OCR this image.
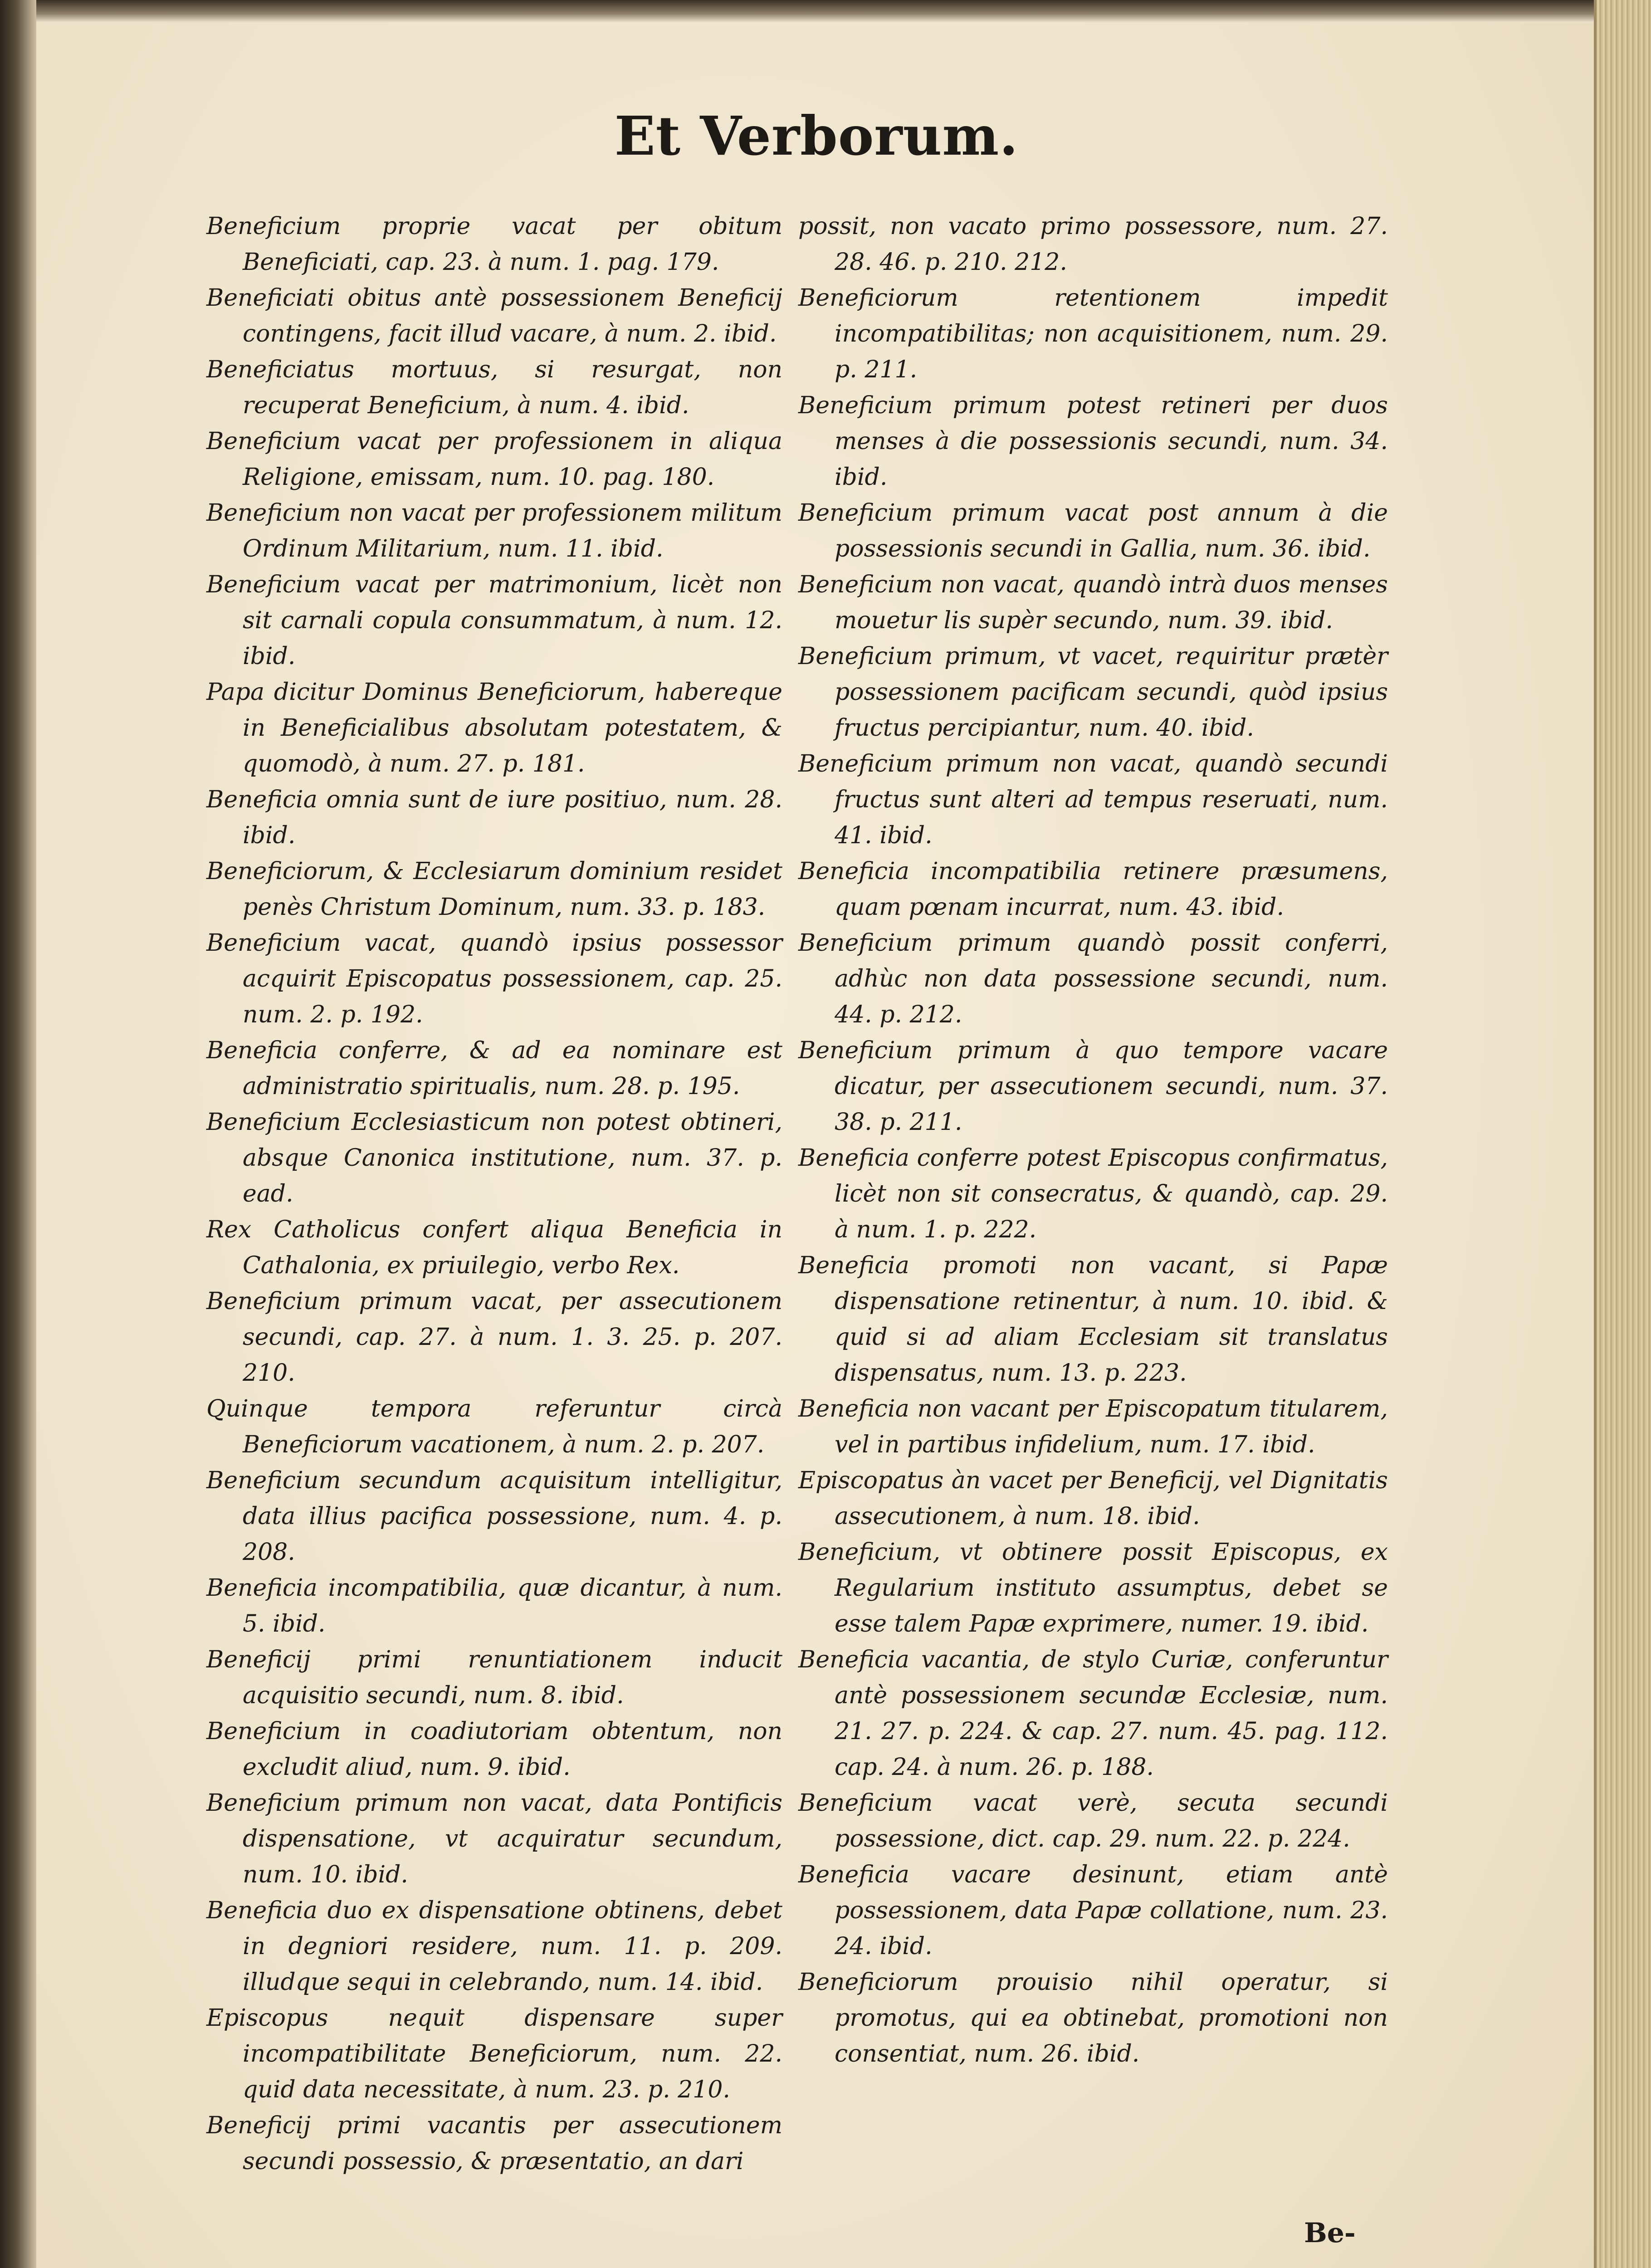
Et Verborum.

Beneficium proprie vacat per obitum Beneficiati, cap. 23. à num. 1. pag. 179.

Beneficiati obitus antè possessionem Beneficij contingens, facit illud vacare, à num. 2. ibid.

Beneficiatus mortuus, si resurgat, non recuperat Beneficium, à num. 4. ibid.

Beneficium vacat per professionem in aliqua Religione, emissam, num. 10. pag. 180.

Beneficium non vacat per professionem militum Ordinum Militarium, num. 11. ibid.

Beneficium vacat per matrimonium, licèt non sit carnali copula consummatum, à num. 12. ibid.

Papa dicitur Dominus Beneficiorum, habereque in Beneficialibus absolutam potestatem, & quomodò, à num. 27. p. 181.

Beneficia omnia sunt de iure positiuo, num. 28. ibid.

Beneficiorum, & Ecclesiarum dominium residet penès Christum Dominum, num. 33. p. 183.

Beneficium vacat, quandò ipsius possessor acquirit Episcopatus possessionem, cap. 25. num. 2. p. 192.

Beneficia conferre, & ad ea nominare est administratio spiritualis, num. 28. p. 195.

Beneficium Ecclesiasticum non potest obtineri, absque Canonica institutione, num. 37. p. ead.

Rex Catholicus confert aliqua Beneficia in Cathalonia, ex priuilegio, verbo Rex.

Beneficium primum vacat, per assecutionem secundi, cap. 27. à num. 1. 3. 25. p. 207. 210.

Quinque tempora referuntur circà Beneficiorum vacationem, à num. 2. p. 207.

Beneficium secundum acquisitum intelligitur, data illius pacifica possessione, num. 4. p. 208.

Beneficia incompatibilia, quæ dicantur, à num. 5. ibid.

Beneficij primi renuntiationem inducit acquisitio secundi, num. 8. ibid.

Beneficium in coadiutoriam obtentum, non excludit aliud, num. 9. ibid.

Beneficium primum non vacat, data Pontificis dispensatione, vt acquiratur secundum, num. 10. ibid.

Beneficia duo ex dispensatione obtinens, debet in degniori residere, num. 11. p. 209. illudque sequi in celebrando, num. 14. ibid.

Episcopus nequit dispensare super incompatibilitate Beneficiorum, num. 22. quid data necessitate, à num. 23. p. 210.

Beneficij primi vacantis per assecutionem secundi possessio, & præsentatio, an dari

possit, non vacato primo possessore, num. 27. 28. 46. p. 210. 212.

Beneficiorum retentionem impedit incompatibilitas; non acquisitionem, num. 29. p. 211.

Beneficium primum potest retineri per duos menses à die possessionis secundi, num. 34. ibid.

Beneficium primum vacat post annum à die possessionis secundi in Gallia, num. 36. ibid.

Beneficium non vacat, quandò intrà duos menses mouetur lis supèr secundo, num. 39. ibid.

Beneficium primum, vt vacet, requiritur prætèr possessionem pacificam secundi, quòd ipsius fructus percipiantur, num. 40. ibid.

Beneficium primum non vacat, quandò secundi fructus sunt alteri ad tempus reseruati, num. 41. ibid.

Beneficia incompatibilia retinere præsumens, quam pœnam incurrat, num. 43. ibid.

Beneficium primum quandò possit conferri, adhùc non data possessione secundi, num. 44. p. 212.

Beneficium primum à quo tempore vacare dicatur, per assecutionem secundi, num. 37. 38. p. 211.

Beneficia conferre potest Episcopus confirmatus, licèt non sit consecratus, & quandò, cap. 29. à num. 1. p. 222.

Beneficia promoti non vacant, si Papæ dispensatione retinentur, à num. 10. ibid. & quid si ad aliam Ecclesiam sit translatus dispensatus, num. 13. p. 223.

Beneficia non vacant per Episcopatum titularem, vel in partibus infidelium, num. 17. ibid.

Episcopatus àn vacet per Beneficij, vel Dignitatis assecutionem, à num. 18. ibid.

Beneficium, vt obtinere possit Episcopus, ex Regularium instituto assumptus, debet se esse talem Papæ exprimere, numer. 19. ibid.

Beneficia vacantia, de stylo Curiæ, conferuntur antè possessionem secundæ Ecclesiæ, num. 21. 27. p. 224. & cap. 27. num. 45. pag. 112. cap. 24. à num. 26. p. 188.

Beneficium vacat verè, secuta secundi possessione, dict. cap. 29. num. 22. p. 224.

Beneficia vacare desinunt, etiam antè possessionem, data Papæ collatione, num. 23. 24. ibid.

Beneficiorum prouisio nihil operatur, si promotus, qui ea obtinebat, promotioni non consentiat, num. 26. ibid.

Be-
